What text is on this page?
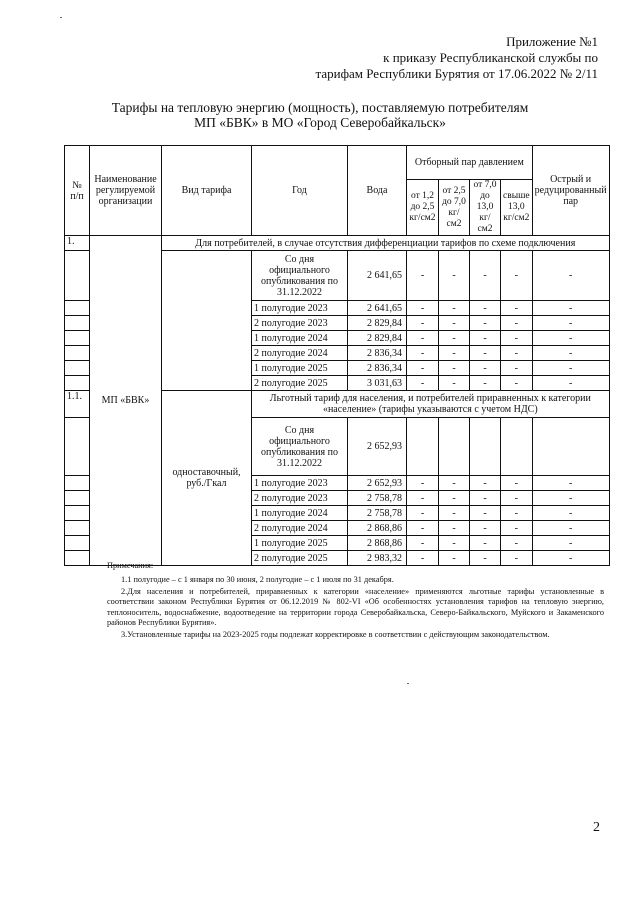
Приложение №1
к приказу Республиканской службы по
тарифам Республики Бурятия от 17.06.2022 № 2/11
Тарифы на тепловую энергию (мощность), поставляемую потребителям
МП «БВК» в МО «Город Северобайкальск»
№ п/п	Наименование регулируемой организации	Вид тарифа	Год	Вода	Отборный пар давлением				Острый и редуцированный пар
					от 1,2 до 2,5 кг/см2	от 2,5 до 7,0 кг/см2	от 7,0 до 13,0 кг/см2	свыше 13,0 кг/см2	
1.	МП «БВК»	Для потребителей, в случае отсутствия дифференциации тарифов по схеме подключения							
			Со дня официального опубликования по 31.12.2022	2 641,65	-	-	-	-	-
			1 полугодие 2023	2 641,65	-	-	-	-	-
			2 полугодие 2023	2 829,84	-	-	-	-	-
			1 полугодие 2024	2 829,84	-	-	-	-	-
			2 полугодие 2024	2 836,34	-	-	-	-	-
			1 полугодие 2025	2 836,34	-	-	-	-	-
			2 полугодие 2025	3 031,63	-	-	-	-	-
1.1.		одноставочный, руб./Гкал	Льготный тариф для населения, и потребителей приравненных к категории «население» (тарифы указываются с учетом НДС)						
			Со дня официального опубликования по 31.12.2022	2 652,93					
			1 полугодие 2023	2 652,93	-	-	-	-	-
			2 полугодие 2023	2 758,78	-	-	-	-	-
			1 полугодие 2024	2 758,78	-	-	-	-	-
			2 полугодие 2024	2 868,86	-	-	-	-	-
			1 полугодие 2025	2 868,86	-	-	-	-	-
			2 полугодие 2025	2 983,32	-	-	-	-	-

Примечания:

1.1 полугодие – с 1 января по 30 июня, 2 полугодие – с 1 июля по 31 декабря.

2.Для населения и потребителей, приравненных к категории «население» применяются льготные тарифы установленные в соответствии законом Республики Бурятия от 06.12.2019 № 802-VI «Об особенностях установления тарифов на тепловую энергию, теплоноситель, водоснабжение, водоотведение на территории города Северобайкальска, Северо-Байкальского, Муйского и Закаменского районов Республики Бурятия».

3.Установленные тарифы на 2023-2025 годы подлежат корректировке в соответствии с действующим законодательством.

2
